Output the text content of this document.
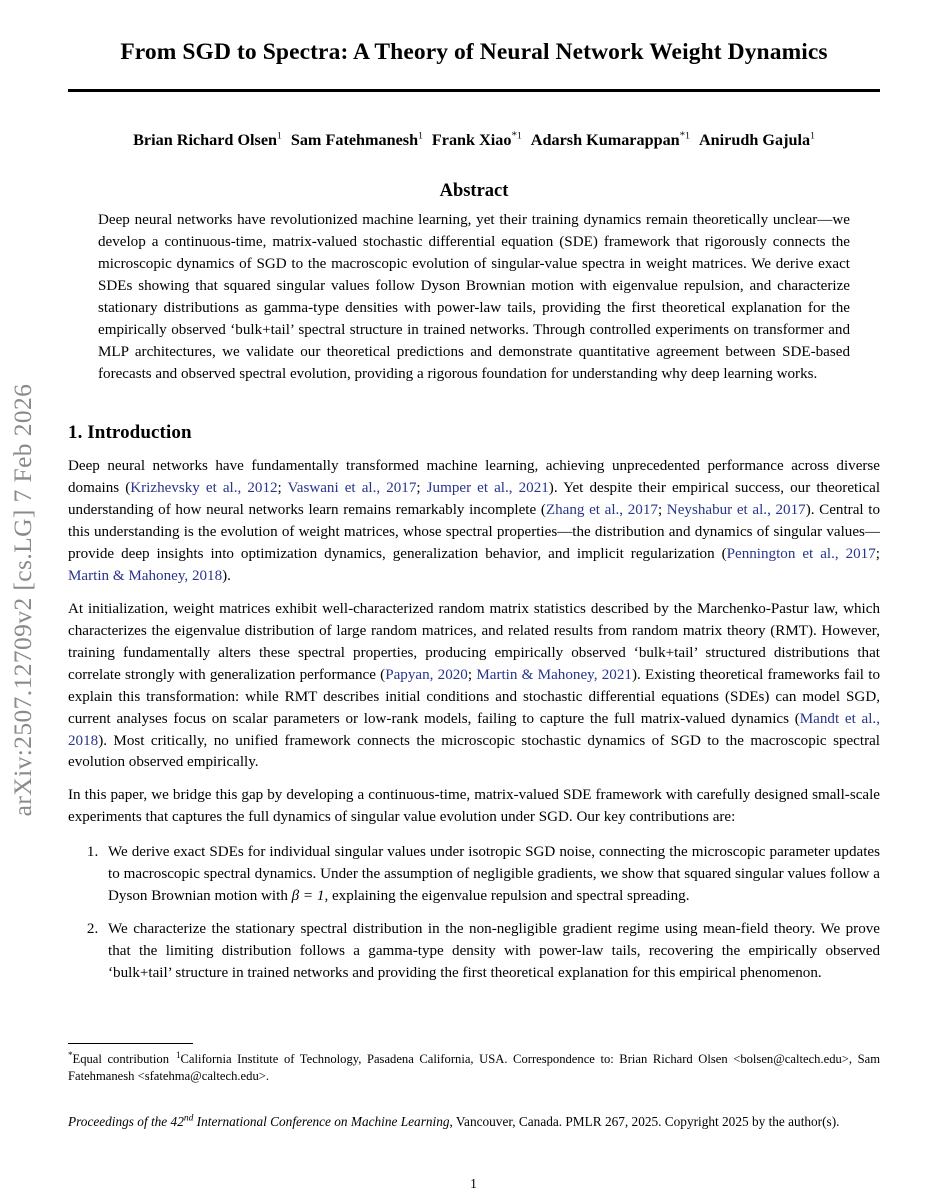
arXiv:2507.12709v2 [cs.LG] 7 Feb 2026
From SGD to Spectra: A Theory of Neural Network Weight Dynamics
Brian Richard Olsen$^1$ Sam Fatehmanesh$^1$ Frank Xiao$^{*1}$ Adarsh Kumarappan$^{*1}$ Anirudh Gajula$^1$
Abstract
Deep neural networks have revolutionized machine learning, yet their training dynamics remain theoretically unclear—we develop a continuous-time, matrix-valued stochastic differential equation (SDE) framework that rigorously connects the microscopic dynamics of SGD to the macroscopic evolution of singular-value spectra in weight matrices. We derive exact SDEs showing that squared singular values follow Dyson Brownian motion with eigenvalue repulsion, and characterize stationary distributions as gamma-type densities with power-law tails, providing the first theoretical explanation for the empirically observed ‘bulk+tail’ spectral structure in trained networks. Through controlled experiments on transformer and MLP architectures, we validate our theoretical predictions and demonstrate quantitative agreement between SDE-based forecasts and observed spectral evolution, providing a rigorous foundation for understanding why deep learning works.
1. Introduction

Deep neural networks have fundamentally transformed machine learning, achieving unprecedented performance across diverse domains (Krizhevsky et al., 2012; Vaswani et al., 2017; Jumper et al., 2021). Yet despite their empirical success, our theoretical understanding of how neural networks learn remains remarkably incomplete (Zhang et al., 2017; Neyshabur et al., 2017). Central to this understanding is the evolution of weight matrices, whose spectral properties—the distribution and dynamics of singular values—provide deep insights into optimization dynamics, generalization behavior, and implicit regularization (Pennington et al., 2017; Martin & Mahoney, 2018).

At initialization, weight matrices exhibit well-characterized random matrix statistics described by the Marchenko-Pastur law, which characterizes the eigenvalue distribution of large random matrices, and related results from random matrix theory (RMT). However, training fundamentally alters these spectral properties, producing empirically observed ‘bulk+tail’ structured distributions that correlate strongly with generalization performance (Papyan, 2020; Martin & Mahoney, 2021). Existing theoretical frameworks fail to explain this transformation: while RMT describes initial conditions and stochastic differential equations (SDEs) can model SGD, current analyses focus on scalar parameters or low-rank models, failing to capture the full matrix-valued dynamics (Mandt et al., 2018). Most critically, no unified framework connects the microscopic stochastic dynamics of SGD to the macroscopic spectral evolution observed empirically.

In this paper, we bridge this gap by developing a continuous-time, matrix-valued SDE framework with carefully designed small-scale experiments that captures the full dynamics of singular value evolution under SGD. Our key contributions are:

1. We derive exact SDEs for individual singular values under isotropic SGD noise, connecting the microscopic parameter updates to macroscopic spectral dynamics. Under the assumption of negligible gradients, we show that squared singular values follow a Dyson Brownian motion with β = 1, explaining the eigenvalue repulsion and spectral spreading.
2. We characterize the stationary spectral distribution in the non-negligible gradient regime using mean-field theory. We prove that the limiting distribution follows a gamma-type density with power-law tails, recovering the empirically observed ‘bulk+tail’ structure in trained networks and providing the first theoretical explanation for this empirical phenomenon.
*Equal contribution $^1$California Institute of Technology, Pasadena California, USA. Correspondence to: Brian Richard Olsen <bolsen@caltech.edu>, Sam Fatehmanesh <sfatehma@caltech.edu>.
Proceedings of the 42nd International Conference on Machine Learning, Vancouver, Canada. PMLR 267, 2025. Copyright 2025 by the author(s).
1
